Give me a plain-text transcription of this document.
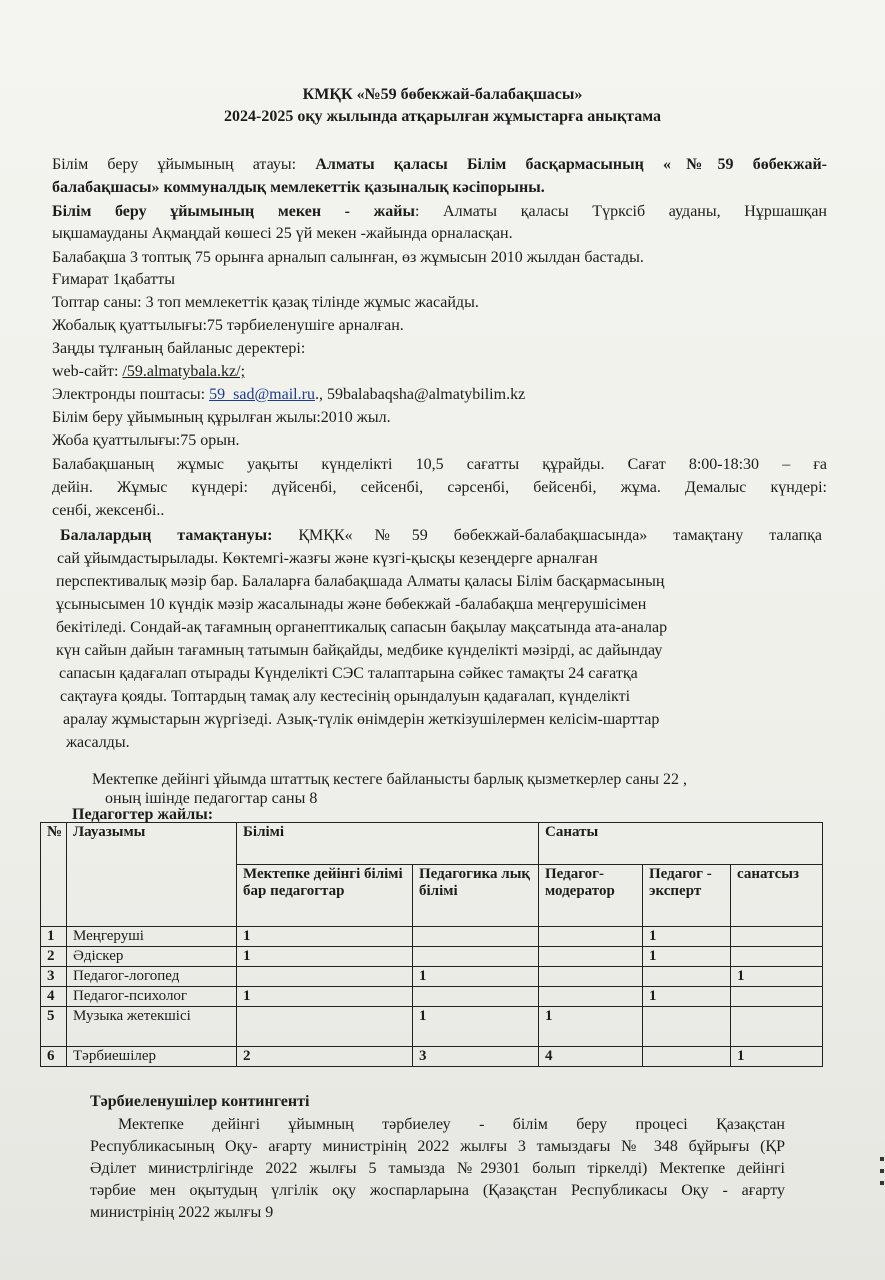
КМҚК «№59 бөбекжай-балабақшасы»
2024-2025 оқу жылында атқарылған жұмыстарға анықтама
Білім беру ұйымының атауы: Алматы қаласы Білім басқармасының «№59 бөбекжай-
балабақшасы» коммуналдық мемлекеттік қазыналық кәсіпорыны.
Білім беру ұйымының мекен - жайы: Алматы қаласы Түрксіб ауданы, Нұршашқан
ықшамауданы Ақмаңдай көшесі 25 үй мекен -жайында орналасқан.
Балабақша 3 топтық 75 орынға арналып салынған, өз жұмысын 2010 жылдан бастады.
Ғимарат 1қабатты
Топтар саны: 3 топ мемлекеттік қазақ тілінде жұмыс жасайды.
Жобалық қуаттылығы:75 тәрбиеленушіге арналған.
Заңды тұлғаның байланыс деректері:
web-сайт: /59.almatybala.kz/;
Электронды поштасы: 59_sad@mail.ru., 59balabaqsha@almatybilim.kz
Білім беру ұйымының құрылған жылы:2010 жыл.
Жоба қуаттылығы:75 орын.
Балабақшаның жұмыс уақыты күнделікті 10,5 сағатты құрайды. Сағат 8:00-18:30 – ға
дейін. Жұмыс күндері: дүйсенбі, сейсенбі, сәрсенбі, бейсенбі, жұма. Демалыс күндері:
сенбі, жексенбі..
Балалардың тамақтануы: ҚМҚК«№59 бөбекжай-балабақшасында» тамақтану талапқа
сай ұйымдастырылады. Көктемгі-жазғы және күзгі-қысқы кезеңдерге арналған
перспективалық мәзір бар. Балаларға балабақшада Алматы қаласы Білім басқармасының
ұсынысымен 10 күндік мәзір жасалынады және бөбекжай -балабақша меңгерушісімен
бекітіледі. Сондай-ақ тағамның органептикалық сапасын бақылау мақсатында ата-аналар
күн сайын дайын тағамның татымын байқайды, медбике күнделікті мәзірді, ас дайындау
сапасын қадағалап отырады Күнделікті СЭС талаптарына сәйкес тамақты 24 сағатқа
сақтауға қояды. Топтардың тамақ алу кестесінің орындалуын қадағалап, күнделікті
аралау жұмыстарын жүргізеді. Азық-түлік өнімдерін жеткізушілермен келісім-шарттар
жасалды.
Мектепке дейінгі ұйымда штаттық кестеге байланысты барлық қызметкерлер саны 22 ,
оның ішінде педагогтар саны 8
Педагогтер жайлы:
№	Лауазымы	Білімі		Санаты		
		Мектепке дейінгі білімі бар педагогтар	Педагогика лық білімі	Педагог-модератор	Педагог - эксперт	санатсыз
1	Меңгеруші	1			1	
2	Әдіскер	1			1	
3	Педагог-логопед		1			1
4	Педагог-психолог	1			1	
5	Музыка жетекшісі		1	1		
6	Тәрбиешілер	2	3	4		1
Тәрбиеленушілер контингенті
Мектепке дейінгі ұйымның тәрбиелеу - білім беру процесі Қазақстан
Республикасының Оқу- ағарту министрінің 2022 жылғы 3 тамыздағы № 348 бұйрығы (ҚР
Әділет министрлігінде 2022 жылғы 5 тамызда №29301 болып тіркелді) Мектепке дейінгі
тәрбие мен оқытудың үлгілік оқу жоспарларына (Қазақстан Республикасы Оқу - ағарту
министрінің 2022 жылғы 9
